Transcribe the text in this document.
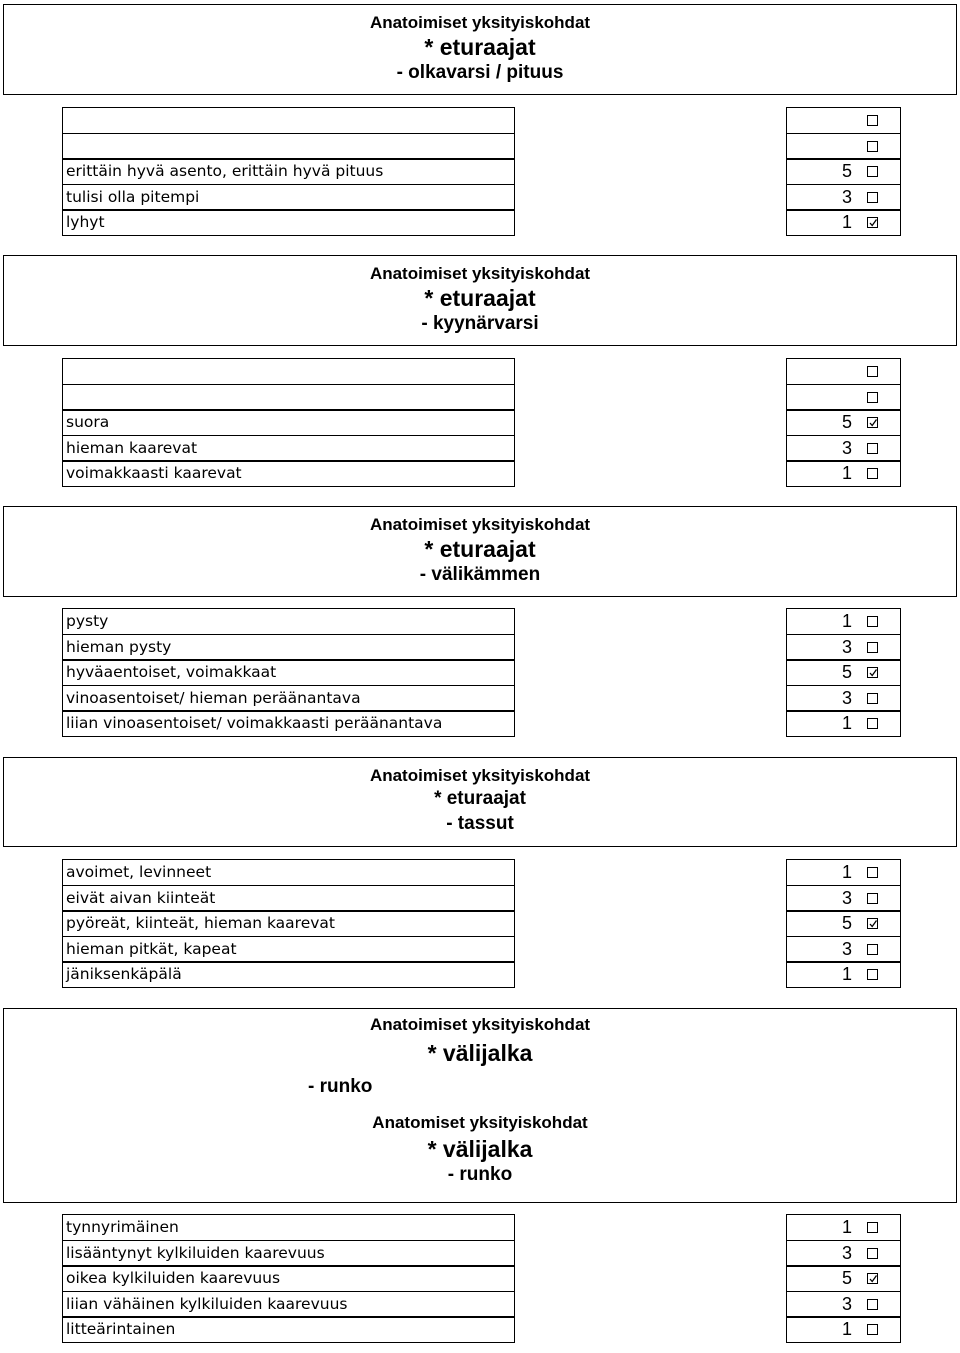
Anatoimiset yksityiskohdat
* eturaajat
- olkavarsi / pituus
erittäin hyvä asento, erittäin hyvä pituus
tulisi olla pitempi
lyhyt
5
3
1
Anatoimiset yksityiskohdat
* eturaajat
- kyynärvarsi
suora
hieman kaarevat
voimakkaasti kaarevat
5
3
1
Anatoimiset yksityiskohdat
* eturaajat
- välikämmen
pysty
hieman pysty
hyväaentoiset, voimakkaat
vinoasentoiset/ hieman peräänantava
liian vinoasentoiset/ voimakkaasti peräänantava
1
3
5
3
1
Anatoimiset yksityiskohdat
* eturaajat
- tassut
avoimet, levinneet
eivät aivan kiinteät
pyöreät, kiinteät, hieman kaarevat
hieman pitkät, kapeat
jäniksenkäpälä
1
3
5
3
1
Anatoimiset yksityiskohdat
* välijalka
Anatomiset yksityiskohdat
* välijalka
- runko
- runko
tynnyrimäinen
lisääntynyt kylkiluiden kaarevuus
oikea kylkiluiden kaarevuus
liian vähäinen kylkiluiden kaarevuus
litteärintainen
1
3
5
3
1
